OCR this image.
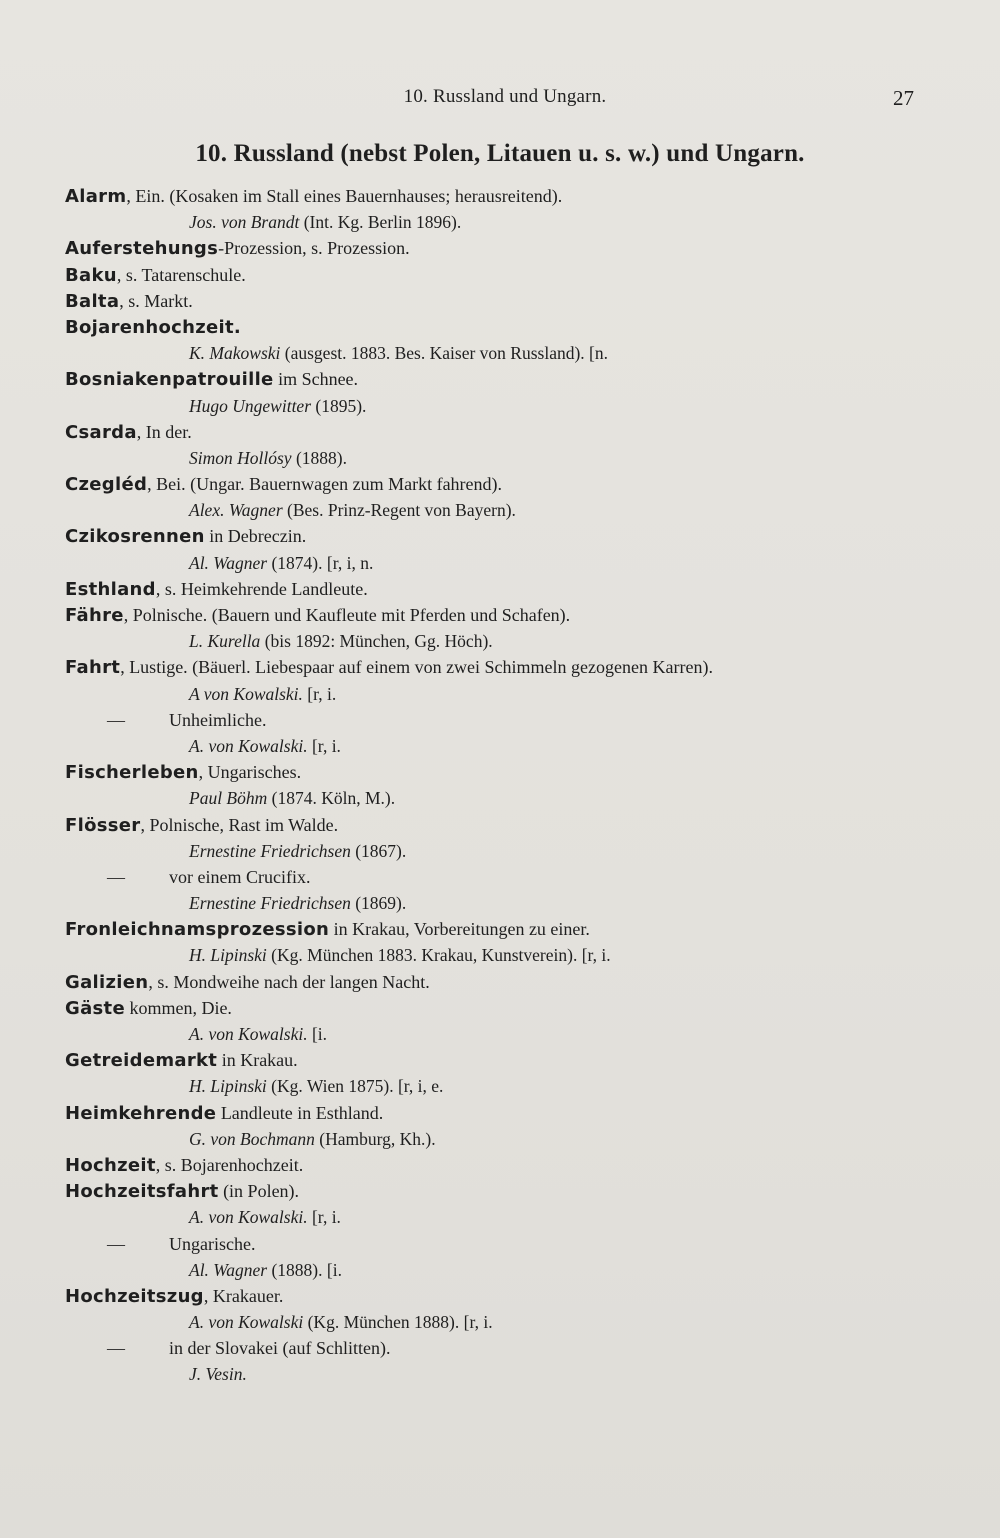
10. Russland und Ungarn.	27
10. Russland (nebst Polen, Litauen u. s. w.) und Ungarn.
Alarm, Ein. (Kosaken im Stall eines Bauernhauses; herausreitend).
Jos. von Brandt (Int. Kg. Berlin 1896).
Auferstehungs-Prozession, s. Prozession.
Baku, s. Tatarenschule.
Balta, s. Markt.
Bojarenhochzeit.
K. Makowski (ausgest. 1883. Bes. Kaiser von Russland). [n.
Bosniakenpatrouille im Schnee.
Hugo Ungewitter (1895).
Csarda, In der.
Simon Hollósy (1888).
Czegléd, Bei. (Ungar. Bauernwagen zum Markt fahrend).
Alex. Wagner (Bes. Prinz-Regent von Bayern).
Czikosrennen in Debreczin.
Al. Wagner (1874). [r, i, n.
Esthland, s. Heimkehrende Landleute.
Fähre, Polnische. (Bauern und Kaufleute mit Pferden und Schafen).
L. Kurella (bis 1892: München, Gg. Höch).
Fahrt, Lustige. (Bäuerl. Liebespaar auf einem von zwei Schimmeln gezogenen Karren).
A von Kowalski. [r, i.
— Unheimliche.
A. von Kowalski. [r, i.
Fischerleben, Ungarisches.
Paul Böhm (1874. Köln, M.).
Flösser, Polnische, Rast im Walde.
Ernestine Friedrichsen (1867).
— vor einem Crucifix.
Ernestine Friedrichsen (1869).
Fronleichnamsprozession in Krakau, Vorbereitungen zu einer.
H. Lipinski (Kg. München 1883. Krakau, Kunstverein). [r, i.
Galizien, s. Mondweihe nach der langen Nacht.
Gäste kommen, Die.
A. von Kowalski. [i.
Getreidemarkt in Krakau.
H. Lipinski (Kg. Wien 1875). [r, i, e.
Heimkehrende Landleute in Esthland.
G. von Bochmann (Hamburg, Kh.).
Hochzeit, s. Bojarenhochzeit.
Hochzeitsfahrt (in Polen).
A. von Kowalski. [r, i.
— Ungarische.
Al. Wagner (1888). [i.
Hochzeitszug, Krakauer.
A. von Kowalski (Kg. München 1888). [r, i.
— in der Slovakei (auf Schlitten).
J. Vesin.
